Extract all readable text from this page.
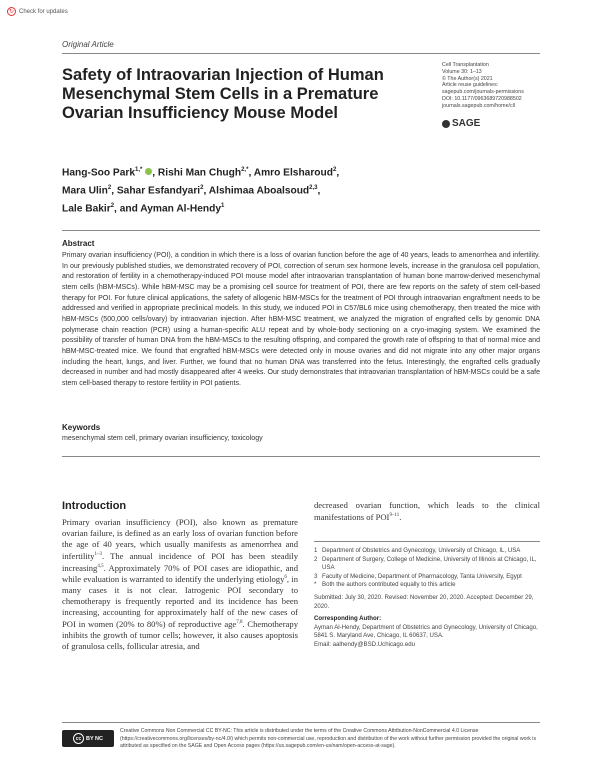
↻ Check for updates
Original Article
Safety of Intraovarian Injection of Human Mesenchymal Stem Cells in a Premature Ovarian Insufficiency Mouse Model
Cell Transplantation
Volume 30: 1–13
© The Author(s) 2021
Article reuse guidelines:
sagepub.com/journals-permissions
DOI: 10.1177/0963689720988502
journals.sagepub.com/home/cll
SAGE
Hang-Soo Park$^{1,*}$ , Rishi Man Chugh$^{2,*}$, Amro Elsharoud$^2$,
Mara Ulin$^2$, Sahar Esfandyari$^2$, Alshimaa Aboalsoud$^{2,3}$,
Lale Bakir$^2$, and Ayman Al-Hendy$^1$
Abstract
Primary ovarian insufficiency (POI), a condition in which there is a loss of ovarian function before the age of 40 years, leads to amenorrhea and infertility. In our previously published studies, we demonstrated recovery of POI, correction of serum sex hormone levels, increase in the granulosa cell population, and restoration of fertility in a chemotherapy-induced POI mouse model after intraovarian transplantation of human bone marrow-derived mesenchymal stem cells (hBM-MSCs). While hBM-MSC may be a promising cell source for treatment of POI, there are few reports on the safety of stem cell-based therapy for POI. For future clinical applications, the safety of allogenic hBM-MSCs for the treatment of POI through intraovarian engraftment needs to be addressed and verified in appropriate preclinical models. In this study, we induced POI in C57/BL6 mice using chemotherapy, then treated the mice with hBM-MSCs (500,000 cells/ovary) by intraovarian injection. After hBM-MSC treatment, we analyzed the migration of engrafted cells by genomic DNA polymerase chain reaction (PCR) using a human-specific ALU repeat and by whole-body sectioning on a cryo-imaging system. We examined the possibility of transfer of human DNA from the hBM-MSCs to the resulting offspring, and compared the growth rate of offspring to that of normal mice and hBM-MSC-treated mice. We found that engrafted hBM-MSCs were detected only in mouse ovaries and did not migrate into any other major organs including the heart, lungs, and liver. Further, we found that no human DNA was transferred into the fetus. Interestingly, the engrafted cells gradually decreased in number and had mostly disappeared after 4 weeks. Our study demonstrates that intraovarian transplantation of hBM-MSCs could be a safe stem cell-based therapy to restore fertility in POI patients.
Keywords
mesenchymal stem cell, primary ovarian insufficiency, toxicology
Introduction
Primary ovarian insufficiency (POI), also known as premature ovarian failure, is defined as an early loss of ovarian function before the age of 40 years, which usually manifests as amenorrhea and infertility$^{1-3}$. The annual incidence of POI has been steadily increasing$^{4,5}$. Approximately 70% of POI cases are idiopathic, and while evaluation is warranted to identify the underlying etiology$^6$, in many cases it is not clear. Iatrogenic POI secondary to chemotherapy is frequently reported and its incidence has been increasing, accounting for approximately half of the new cases of POI in women (20% to 80%) of reproductive age$^{7,8}$. Chemotherapy inhibits the growth of tumor cells; however, it also causes apoptosis of granulosa cells, follicular atresia, and
decreased ovarian function, which leads to the clinical manifestations of POI$^{9-11}$.
1 Department of Obstetrics and Gynecology, University of Chicago, IL, USA
2 Department of Surgery, College of Medicine, University of Illinois at Chicago, IL, USA
3 Faculty of Medicine, Department of Pharmacology, Tanta University, Egypt
* Both the authors contributed equally to this article

Submitted: July 30, 2020. Revised: November 20, 2020. Accepted: December 29, 2020.

Corresponding Author:

Ayman Al-Hendy, Department of Obstetrics and Gynecology, University of Chicago, 5841 S. Maryland Ave, Chicago, IL 60637, USA.

Email: aalhendy@BSD.Uchicago.edu

cc BY NC
Creative Commons Non Commercial CC BY-NC: This article is distributed under the terms of the Creative Commons Attribution-NonCommercial 4.0 License (https://creativecommons.org/licenses/by-nc/4.0/) which permits non-commercial use, reproduction and distribution of the work without further permission provided the original work is attributed as specified on the SAGE and Open Access pages (https://us.sagepub.com/en-us/nam/open-access-at-sage).
